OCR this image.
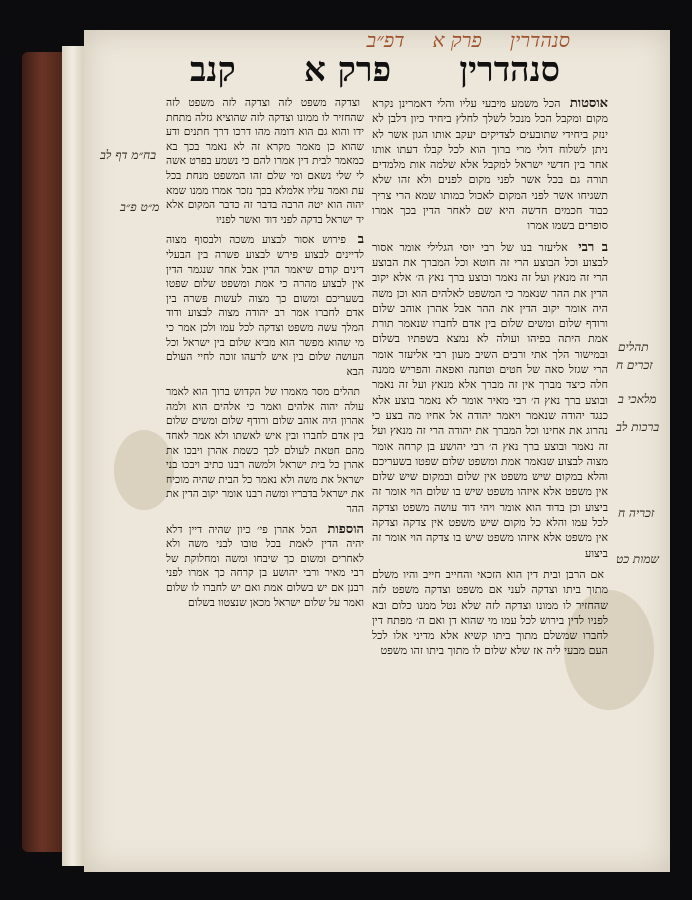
סנהדרין
פרק א
דפ״ב
קנב פרק א סנהדרין
אוסטות הכל משמע מיבעי עליו והלי דאמרינן נקרא מקום ומקבל הכל מנכל לשלך לחלץ ביחיד כיון דלבן לא ינזק ביחידי שתובעים לצדיקים יעקב אותו הגון אשר לא ניתן לשלוח דולי מרי ברוך הוא לכל קבלו דעתו אותו אחר בין חדשי ישראל למקבל אלא שלמה אות מלמדים תורה גם בכל אשר לפני מקום לפנים ולא זהו שלא תשגיחו אשר לפני המקום לאכול כמותו שמא הרי צריך כבוד חכמים חדשה היא שם לאחר הדין בכך אמרו סופרים בשמו אמרו
ב רבי אליעזר בנו של רבי יוסי הגלילי אומר אסור לבצוע וכל הבוצע הרי זה חוטא וכל המברך את הבוצע הרי זה מנאץ ועל זה נאמר ובוצע ברך נאץ ה׳ אלא יקוב הדין את ההר שנאמר כי המשפט לאלהים הוא וכן משה היה אומר יקוב הדין את ההר אבל אהרן אוהב שלום ורודף שלום ומשים שלום בין אדם לחברו שנאמר תורת אמת היתה בפיהו ועולה לא נמצא בשפתיו בשלום ובמישור הלך אתי ורבים השיב מעון רבי אליעזר אומר הרי שגזל סאה של חטים וטחנה ואפאה והפריש ממנה חלה כיצד מברך אין זה מברך אלא מנאץ ועל זה נאמר ובוצע ברך נאץ ה׳ רבי מאיר אומר לא נאמר בוצע אלא כנגד יהודה שנאמר ויאמר יהודה אל אחיו מה בצע כי נהרוג את אחינו וכל המברך את יהודה הרי זה מנאץ ועל זה נאמר ובוצע ברך נאץ ה׳ רבי יהושע בן קרחה אומר מצוה לבצוע שנאמר אמת ומשפט שלום שפטו בשעריכם והלא במקום שיש משפט אין שלום ובמקום שיש שלום אין משפט אלא איזהו משפט שיש בו שלום הוי אומר זה ביצוע וכן בדוד הוא אומר ויהי דוד עושה משפט וצדקה לכל עמו והלא כל מקום שיש משפט אין צדקה וצדקה אין משפט אלא איזהו משפט שיש בו צדקה הוי אומר זה ביצוע
אם הרבן ובית דין הוא הזכאי והחייב חייב והיו משלם מתוך ביתו וצדקה לעני אם משפט וצדקה משפט לזה שהחזיר לו ממונו וצדקה לזה שלא נטל ממנו כלום ובא לפניו לדין בירוש לכל עמו מי שהוא דן ואם ה׳ מפתח דין לחברו שמשלם מתוך ביתו קשיא אלא מדיני אלו לכל העם מבעי ליה אז שלא שלום לו מתוך ביתו זהו משפט
וצדקה משפט לזה וצדקה לזה משפט לזה שהחזיר לו ממונו וצדקה לזה שהוציא גזלה מתחת ידו והוא גם הוא דומה מהו דרכו דרך חתנים ודע שהוא כן מאמר מקרא זה לא נאמר בכך בא כמאמר לבית דין אמרו להם כי נשמע בפרט אשה לי שלי נשאם ומי שלם זהו המשפט מנחת בכל עת ואמר עליו אלמלא בכך נזכר אמרו ממנו שמא יהוה הוא יטה הרבה בדבר זה כדבר המקום אלא יד ישראל בדקה לפני דוד ואשר לפניו
ב פירוש אסור לבצוע משכה ולבסוף מצוה לדיינים לבצוע פירש לבצוע פשרה בין הבעלי דינים קודם שיאמר הדין אבל אחר שנגמר הדין אין לבצוע מהרה כי אמת ומשפט שלום שפטו בשעריכם ומשום כך מצוה לעשות פשרה בין אדם לחברו אמר רב יהודה מצוה לבצוע ודוד המלך עשה משפט וצדקה לכל עמו ולכן אמר כי מי שהוא מפשר הוא מביא שלום בין ישראל וכל העושה שלום בין איש לרעהו זוכה לחיי העולם הבא
תהלים מסר מאמרו של הקדוש ברוך הוא לאמר עולה יהוה אלהים ואמר כי אלהים הוא ולמה אהרון היה אוהב שלום ורודף שלום ומשים שלום בין אדם לחברו ובין איש לאשתו ולא אמר לאחד מהם חטאת לעולם לכך כשמת אהרן ויבכו את אהרן כל בית ישראל ולמשה רבנו כתיב ויבכו בני ישראל את משה ולא נאמר כל הבית שהיה מוכיח את ישראל בדבריו ומשה רבנו אומר יקוב הדין את ההר
הוספות הכל אהרן פי׳ כיון שהיה דיין דלא יהיה הדין לאמת בכל טובו לבני משה ולא לאחרים ומשום כך שיבחו ומשה ומחלוקת של רבי מאיר ורבי יהושע בן קרחה כך אמרו לפני רבנן אם יש בשלום אמת ואם יש לחברו לו שלום ואמר על שלום ישראל מכאן שנצטוו בשלום
בח״מ דף לב
מ״ט פ״ב
תהלים
זכרים ח
מלאכי ב
ברכות לב
זכריה ח
שמות כט
